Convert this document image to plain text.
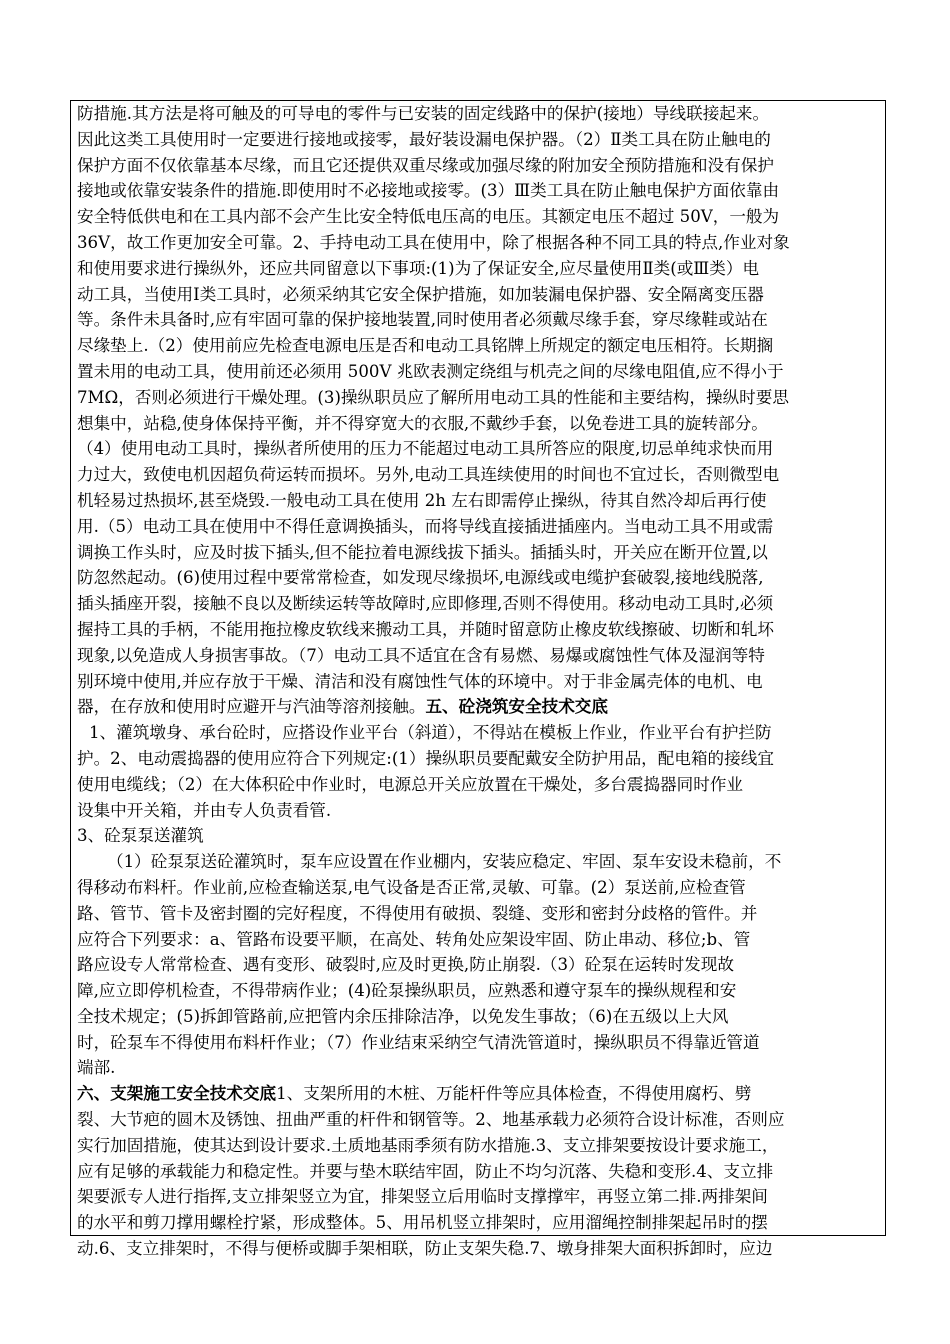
防措施.其方法是将可触及的可导电的零件与已安装的固定线路中的保护(接地）导线联接起来。
因此这类工具使用时一定要进行接地或接零，最好装设漏电保护器。（2）Ⅱ类工具在防止触电的
保护方面不仅依靠基本尽缘，而且它还提供双重尽缘或加强尽缘的附加安全预防措施和没有保护
接地或依靠安装条件的措施.即使用时不必接地或接零。(3）Ⅲ类工具在防止触电保护方面依靠由
安全特低供电和在工具内部不会产生比安全特低电压高的电压。其额定电压不超过 50V，一般为
36V，故工作更加安全可靠。2、手持电动工具在使用中，除了根据各种不同工具的特点,作业对象
和使用要求进行操纵外，还应共同留意以下事项:(1)为了保证安全,应尽量使用Ⅱ类(或Ⅲ类）电
动工具，当使用Ⅰ类工具时，必须采纳其它安全保护措施，如加装漏电保护器、安全隔离变压器
等。条件未具备时,应有牢固可靠的保护接地装置,同时使用者必须戴尽缘手套，穿尽缘鞋或站在
尽缘垫上.（2）使用前应先检查电源电压是否和电动工具铭牌上所规定的额定电压相符。长期搁
置未用的电动工具，使用前还必须用 500V 兆欧表测定绕组与机壳之间的尽缘电阻值,应不得小于
7MΩ，否则必须进行干燥处理。(3)操纵职员应了解所用电动工具的性能和主要结构，操纵时要思
想集中，站稳,使身体保持平衡，并不得穿宽大的衣服,不戴纱手套，以免卷进工具的旋转部分。
（4）使用电动工具时，操纵者所使用的压力不能超过电动工具所答应的限度,切忌单纯求快而用
力过大，致使电机因超负荷运转而损坏。另外,电动工具连续使用的时间也不宜过长，否则微型电
机轻易过热损坏,甚至烧毁.一般电动工具在使用 2h 左右即需停止操纵，待其自然冷却后再行使
用.（5）电动工具在使用中不得任意调换插头，而将导线直接插进插座内。当电动工具不用或需
调换工作头时，应及时拔下插头,但不能拉着电源线拔下插头。插插头时，开关应在断开位置,以
防忽然起动。(6)使用过程中要常常检查，如发现尽缘损坏,电源线或电缆护套破裂,接地线脱落,
插头插座开裂，接触不良以及断续运转等故障时,应即修理,否则不得使用。移动电动工具时,必须
握持工具的手柄，不能用拖拉橡皮软线来搬动工具，并随时留意防止橡皮软线擦破、切断和轧坏
现象,以免造成人身损害事故。（7）电动工具不适宜在含有易燃、易爆或腐蚀性气体及湿润等特
别环境中使用,并应存放于干燥、清洁和没有腐蚀性气体的环境中。对于非金属壳体的电机、电
器，在存放和使用时应避开与汽油等溶剂接触。五、砼浇筑安全技术交底
1、灌筑墩身、承台砼时，应搭设作业平台（斜道），不得站在模板上作业，作业平台有护拦防
护。2、电动震捣器的使用应符合下列规定:(1）操纵职员要配戴安全防护用品，配电箱的接线宜
使用电缆线；（2）在大体积砼中作业时，电源总开关应放置在干燥处，多台震捣器同时作业
设集中开关箱，并由专人负责看管.
3、砼泵泵送灌筑
（1）砼泵泵送砼灌筑时，泵车应设置在作业棚内，安装应稳定、牢固、泵车安设未稳前，不
得移动布料杆。作业前,应检查输送泵,电气设备是否正常,灵敏、可靠。(2）泵送前,应检查管
路、管节、管卡及密封圈的完好程度，不得使用有破损、裂缝、变形和密封分歧格的管件。并
应符合下列要求：a、管路布设要平顺，在高处、转角处应架设牢固、防止串动、移位;b、管
路应设专人常常检查、遇有变形、破裂时,应及时更换,防止崩裂.（3）砼泵在运转时发现故
障,应立即停机检查，不得带病作业；(4)砼泵操纵职员，应熟悉和遵守泵车的操纵规程和安
全技术规定；(5)拆卸管路前,应把管内余压排除洁净，以免发生事故；（6)在五级以上大风
时，砼泵车不得使用布料杆作业；（7）作业结束采纳空气清洗管道时，操纵职员不得靠近管道
端部.
六、支架施工安全技术交底1、支架所用的木桩、万能杆件等应具体检查，不得使用腐朽、劈
裂、大节疤的圆木及锈蚀、扭曲严重的杆件和钢管等。2、地基承载力必须符合设计标准，否则应
实行加固措施，使其达到设计要求.土质地基雨季须有防水措施.3、支立排架要按设计要求施工，
应有足够的承载能力和稳定性。并要与垫木联结牢固，防止不均匀沉落、失稳和变形.4、支立排
架要派专人进行指挥,支立排架竖立为宜，排架竖立后用临时支撑撑牢，再竖立第二排.两排架间
的水平和剪刀撑用螺栓拧紧，形成整体。5、用吊机竖立排架时，应用溜绳控制排架起吊时的摆
动.6、支立排架时，不得与便桥或脚手架相联，防止支架失稳.7、墩身排架大面积拆卸时，应边
